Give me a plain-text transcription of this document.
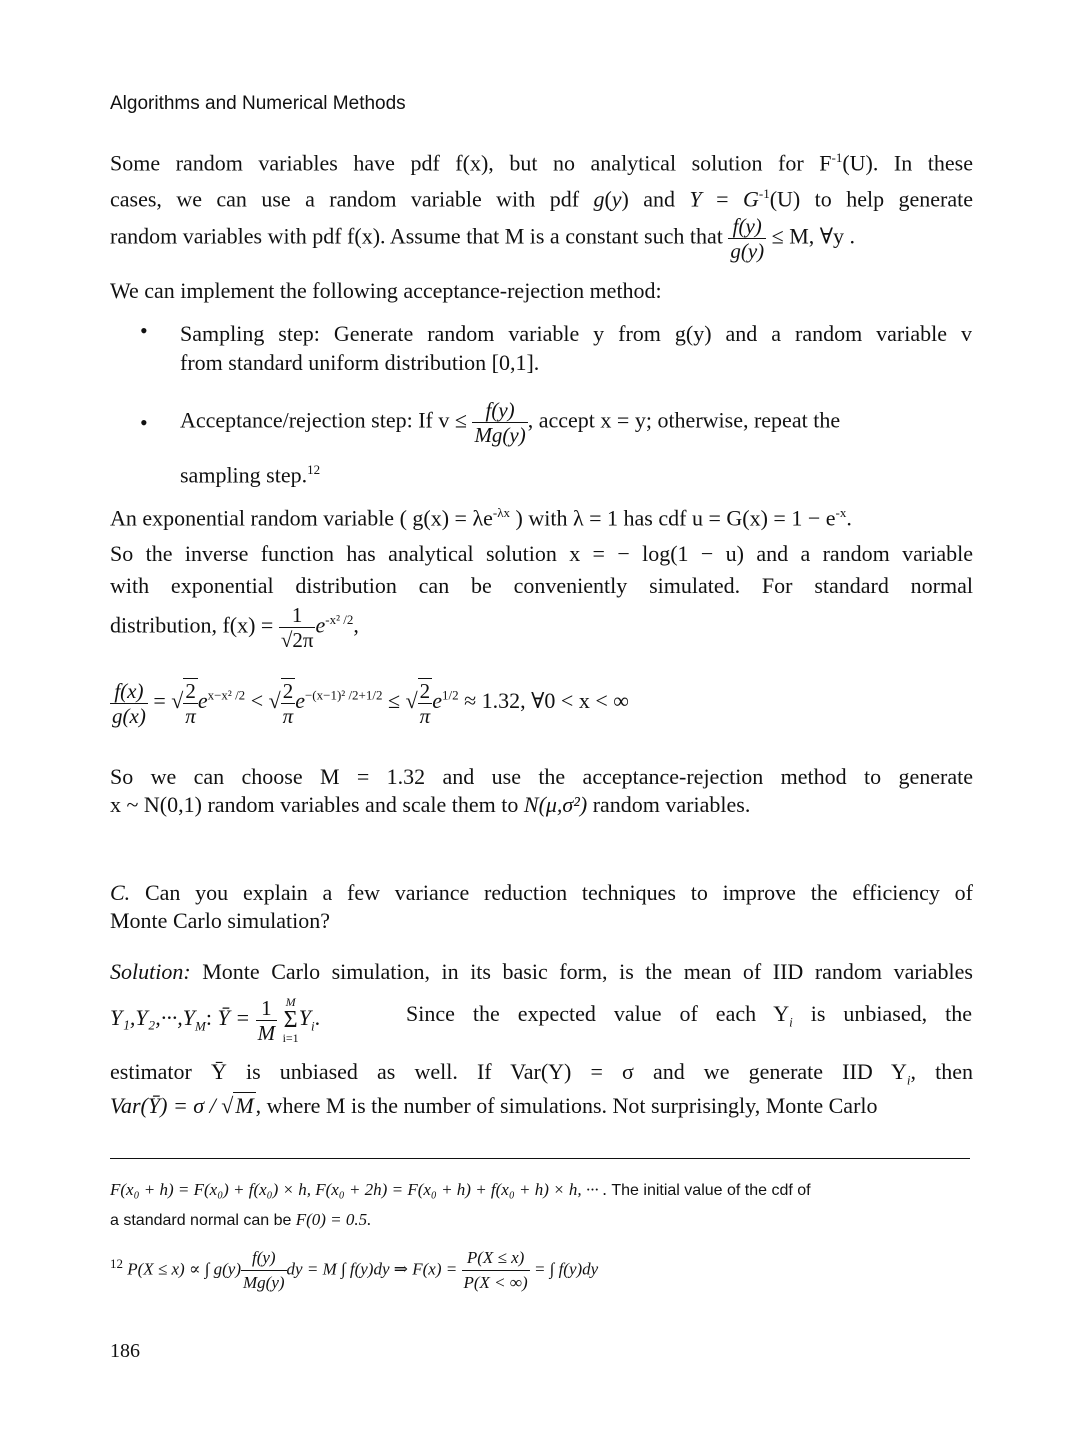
Algorithms and Numerical Methods
Some random variables have pdf f(x), but no analytical solution for $F^{-1}(U)$. In these
cases, we can use a random variable with pdf g(y) and $Y = G^{-1}(U)$ to help generate
random variables with pdf f(x). Assume that M is a constant such that $\frac{f(y)}{g(y)} \le M$, ∀y .
We can implement the following acceptance-rejection method:
• Sampling step: Generate random variable y from g(y) and a random variable v
from standard uniform distribution [0,1].
• Acceptance/rejection step: If $v \le \frac{f(y)}{Mg(y)}$ , accept x = y; otherwise, repeat the
sampling step.$^{12}$
An exponential random variable ( $g(x) = \lambda e^{-\lambda x}$ ) with λ = 1 has cdf $u = G(x) = 1 - e^{-x}$.
So the inverse function has analytical solution x = − log(1 − u) and a random variable
with exponential distribution can be conveniently simulated. For standard normal
distribution, $f(x) = \frac{1}{√2\pi} e^{-x^2 /2}$,
$\frac{f(x)}{g(x)}$ = √ $\frac{2}{\pi} e^{x-x^2 /2}$ < √ $\frac{2}{\pi} e^{-(x-1)^2 /2+1/2}$ ≤ √ $\frac{2}{\pi} e^{1/2} \approx 1.32$, ∀0 < x < ∞
So we can choose M = 1.32 and use the acceptance-rejection method to generate
x ~ N(0,1) random variables and scale them to N(μ,σ²) random variables.
C. Can you explain a few variance reduction techniques to improve the efficiency of
Monte Carlo simulation?
Solution: Monte Carlo simulation, in its basic form, is the mean of IID random variables
$Y_1,Y_2,\cdot\cdot\cdot,Y_M$: Ȳ = $\frac{1}{M}$
M
Σ
i=1
$Y_i$.	Since the expected value of each $Y_i$ is unbiased, the
estimator Ȳ is unbiased as well. If Var(Y) = σ and we generate IID $Y_i$, then
Var(Ȳ) = σ / √M, where M is the number of simulations. Not surprisingly, Monte Carlo
F(x₀ + h) = F(x₀) + f(x₀) × h, F(x₀ + 2h) = F(x₀ + h) + f(x₀ + h) × h, ··· . The initial value of the cdf of
a standard normal can be F(0) = 0.5.
$^{12}$ P(X ≤ x) ∝ ∫ $g(y) \frac{f(y)}{Mg(y)}$ dy = M ∫ f(y)dy ⇒ $F(x) = \frac{P(X \le x)}{P(X < \infty)}$ = ∫ f(y)dy
186
